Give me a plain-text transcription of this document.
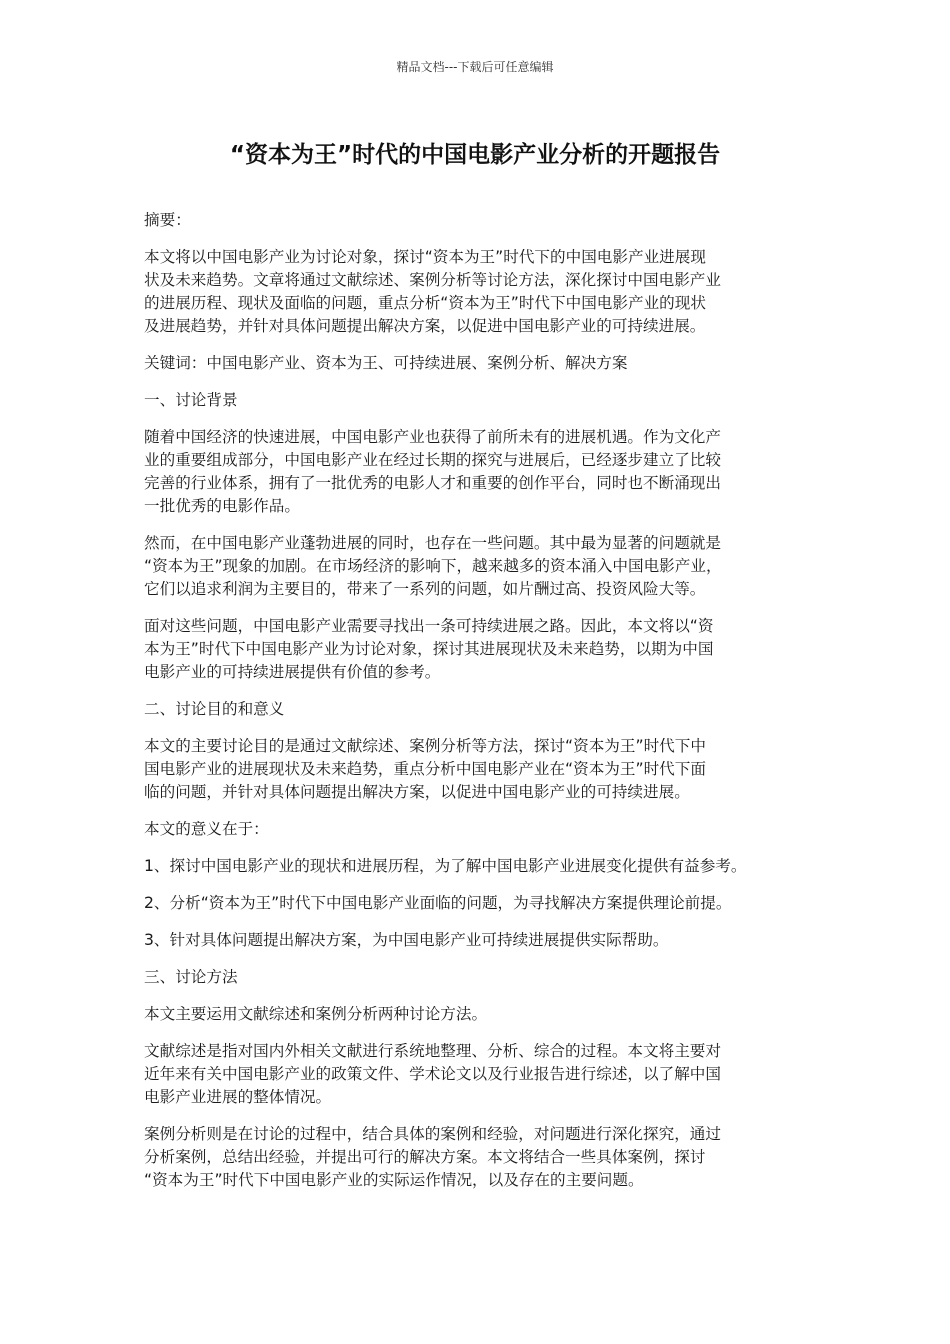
精品文档---下载后可任意编辑
“资本为王”时代的中国电影产业分析的开题报告
摘要：
本文将以中国电影产业为讨论对象，探讨“资本为王”时代下的中国电影产业进展现
状及未来趋势。文章将通过文献综述、案例分析等讨论方法，深化探讨中国电影产业
的进展历程、现状及面临的问题，重点分析“资本为王”时代下中国电影产业的现状
及进展趋势，并针对具体问题提出解决方案，以促进中国电影产业的可持续进展。
关键词：中国电影产业、资本为王、可持续进展、案例分析、解决方案
一、讨论背景
随着中国经济的快速进展，中国电影产业也获得了前所未有的进展机遇。作为文化产
业的重要组成部分，中国电影产业在经过长期的探究与进展后，已经逐步建立了比较
完善的行业体系，拥有了一批优秀的电影人才和重要的创作平台，同时也不断涌现出
一批优秀的电影作品。
然而，在中国电影产业蓬勃进展的同时，也存在一些问题。其中最为显著的问题就是
“资本为王”现象的加剧。在市场经济的影响下，越来越多的资本涌入中国电影产业，
它们以追求利润为主要目的，带来了一系列的问题，如片酬过高、投资风险大等。
面对这些问题，中国电影产业需要寻找出一条可持续进展之路。因此，本文将以“资
本为王”时代下中国电影产业为讨论对象，探讨其进展现状及未来趋势，以期为中国
电影产业的可持续进展提供有价值的参考。
二、讨论目的和意义
本文的主要讨论目的是通过文献综述、案例分析等方法，探讨“资本为王”时代下中
国电影产业的进展现状及未来趋势，重点分析中国电影产业在“资本为王”时代下面
临的问题，并针对具体问题提出解决方案，以促进中国电影产业的可持续进展。
本文的意义在于：
1、探讨中国电影产业的现状和进展历程，为了解中国电影产业进展变化提供有益参考。
2、分析“资本为王”时代下中国电影产业面临的问题，为寻找解决方案提供理论前提。
3、针对具体问题提出解决方案，为中国电影产业可持续进展提供实际帮助。
三、讨论方法
本文主要运用文献综述和案例分析两种讨论方法。
文献综述是指对国内外相关文献进行系统地整理、分析、综合的过程。本文将主要对
近年来有关中国电影产业的政策文件、学术论文以及行业报告进行综述，以了解中国
电影产业进展的整体情况。
案例分析则是在讨论的过程中，结合具体的案例和经验，对问题进行深化探究，通过
分析案例，总结出经验，并提出可行的解决方案。本文将结合一些具体案例，探讨
“资本为王”时代下中国电影产业的实际运作情况，以及存在的主要问题。
